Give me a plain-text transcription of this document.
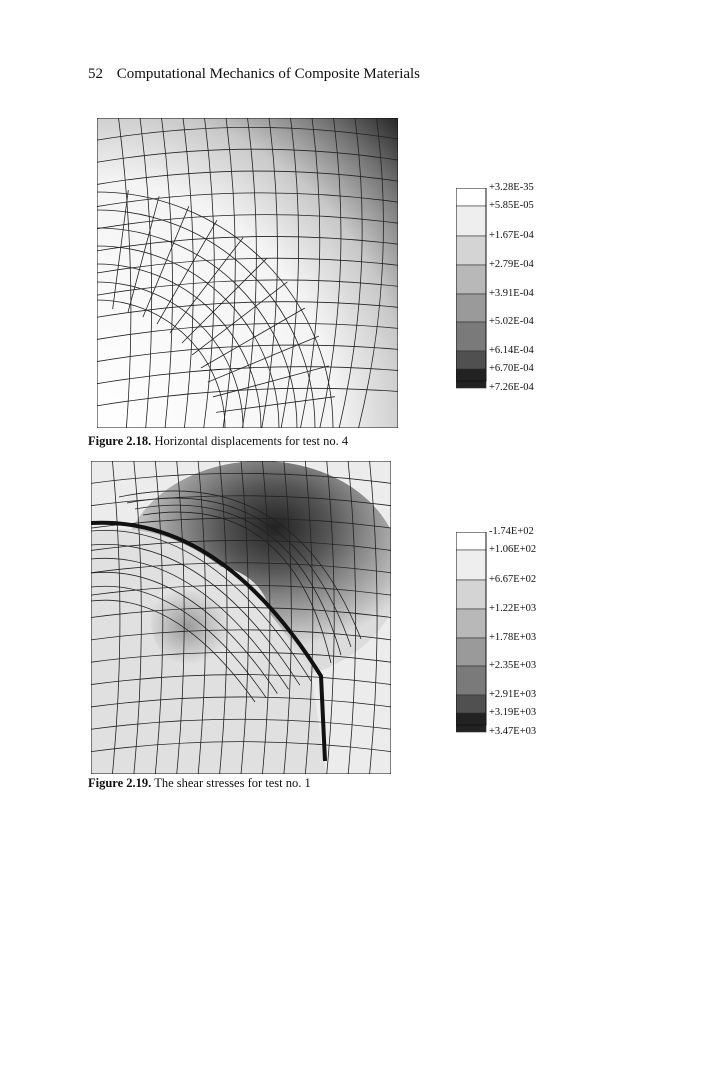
52 Computational Mechanics of Composite Materials
+3.28E-35
+5.85E-05
+1.67E-04
+2.79E-04
+3.91E-04
+5.02E-04
+6.14E-04
+6.70E-04
+7.26E-04
Figure 2.18. Horizontal displacements for test no. 4
-1.74E+02
+1.06E+02
+6.67E+02
+1.22E+03
+1.78E+03
+2.35E+03
+2.91E+03
+3.19E+03
+3.47E+03
Figure 2.19. The shear stresses for test no. 1
